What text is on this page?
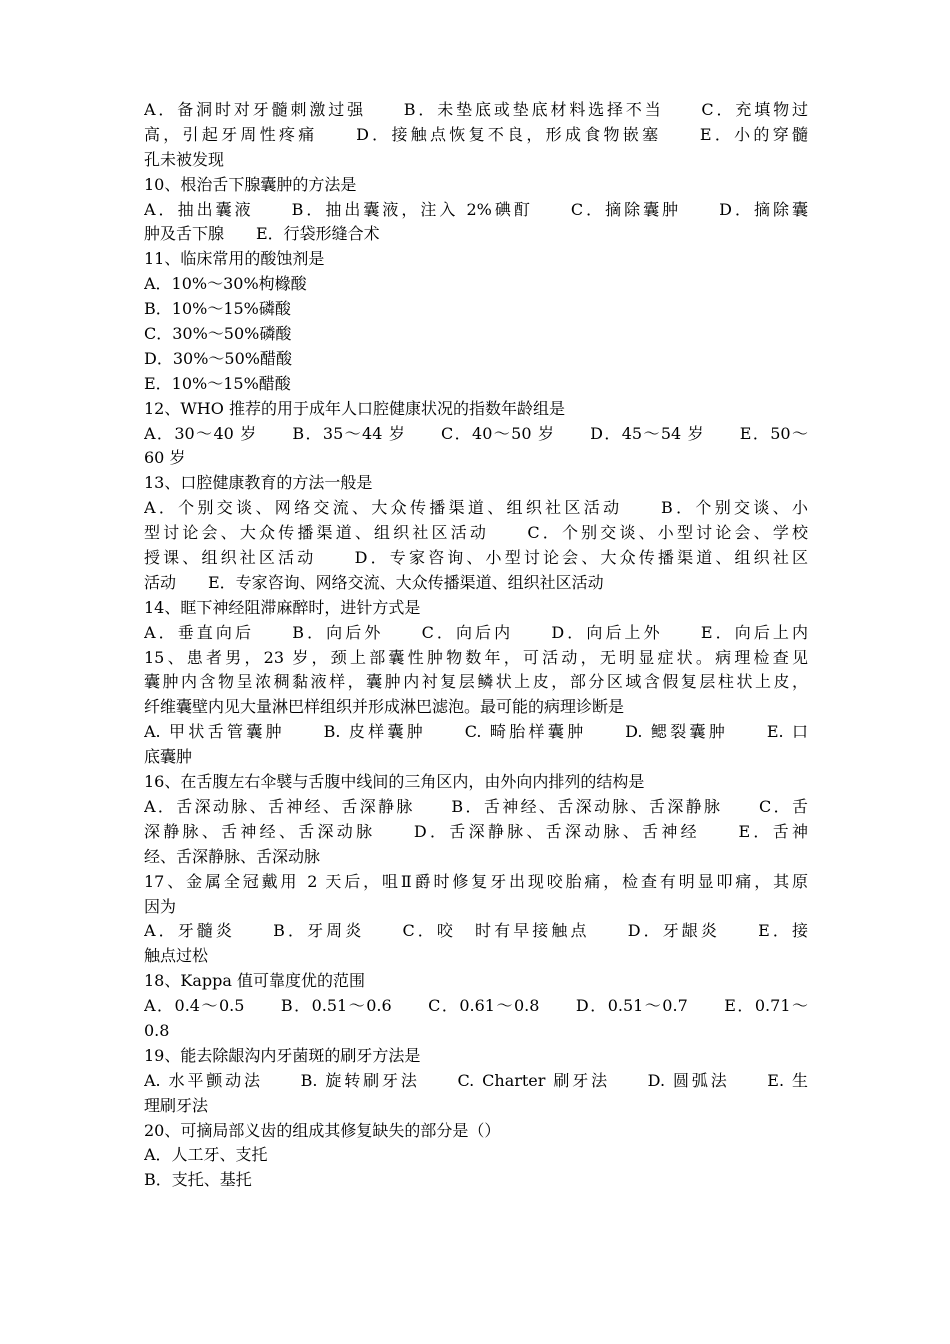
A．备洞时对牙髓刺激过强　　B．未垫底或垫底材料选择不当　　C．充填物过
高，引起牙周性疼痛　　D．接触点恢复不良，形成食物嵌塞　　E．小的穿髓
孔未被发现
10、根治舌下腺囊肿的方法是
A．抽出囊液　　B．抽出囊液，注入 2%碘酊　　C．摘除囊肿　　D．摘除囊
肿及舌下腺　　E．行袋形缝合术
11、临床常用的酸蚀剂是
A．10%～30%枸橼酸
B．10%～15%磷酸
C．30%～50%磷酸
D．30%～50%醋酸
E．10%～15%醋酸
12、WHO 推荐的用于成年人口腔健康状况的指数年龄组是
A．30～40 岁　　B．35～44 岁　　C．40～50 岁　　D．45～54 岁　　E．50～
60 岁
13、口腔健康教育的方法一般是
A．个别交谈、网络交流、大众传播渠道、组织社区活动　　B．个别交谈、小
型讨论会、大众传播渠道、组织社区活动　　C．个别交谈、小型讨论会、学校
授课、组织社区活动　　D．专家咨询、小型讨论会、大众传播渠道、组织社区
活动　　E．专家咨询、网络交流、大众传播渠道、组织社区活动
14、眶下神经阻滞麻醉时，进针方式是
A．垂直向后　　B．向后外　　C．向后内　　D．向后上外　　E．向后上内
15、患者男，23 岁，颈上部囊性肿物数年，可活动，无明显症状。病理检查见
囊肿内含物呈浓稠黏液样，囊肿内衬复层鳞状上皮，部分区域含假复层柱状上皮，
纤维囊壁内见大量淋巴样组织并形成淋巴滤泡。最可能的病理诊断是
A. 甲状舌管囊肿　　B. 皮样囊肿　　C. 畸胎样囊肿　　D. 鳃裂囊肿　　E. 口
底囊肿
16、在舌腹左右伞襞与舌腹中线间的三角区内，由外向内排列的结构是
A．舌深动脉、舌神经、舌深静脉　　B．舌神经、舌深动脉、舌深静脉　　C．舌
深静脉、舌神经、舌深动脉　　D．舌深静脉、舌深动脉、舌神经　　E．舌神
经、舌深静脉、舌深动脉
17、金属全冠戴用 2 天后，咀Ⅱ爵时修复牙出现咬胎痛，检查有明显叩痛，其原
因为
A．牙髓炎　　B．牙周炎　　C．咬　时有早接触点　　D．牙龈炎　　E．接
触点过松
18、Kappa 值可靠度优的范围
A．0.4～0.5　　B．0.51～0.6　　C．0.61～0.8　　D．0.51～0.7　　E．0.71～
0.8
19、能去除龈沟内牙菌斑的刷牙方法是
A. 水平颤动法　　B. 旋转刷牙法　　C. Charter 刷牙法　　D. 圆弧法　　E. 生
理刷牙法
20、可摘局部义齿的组成其修复缺失的部分是（）
A．人工牙、支托
B．支托、基托
